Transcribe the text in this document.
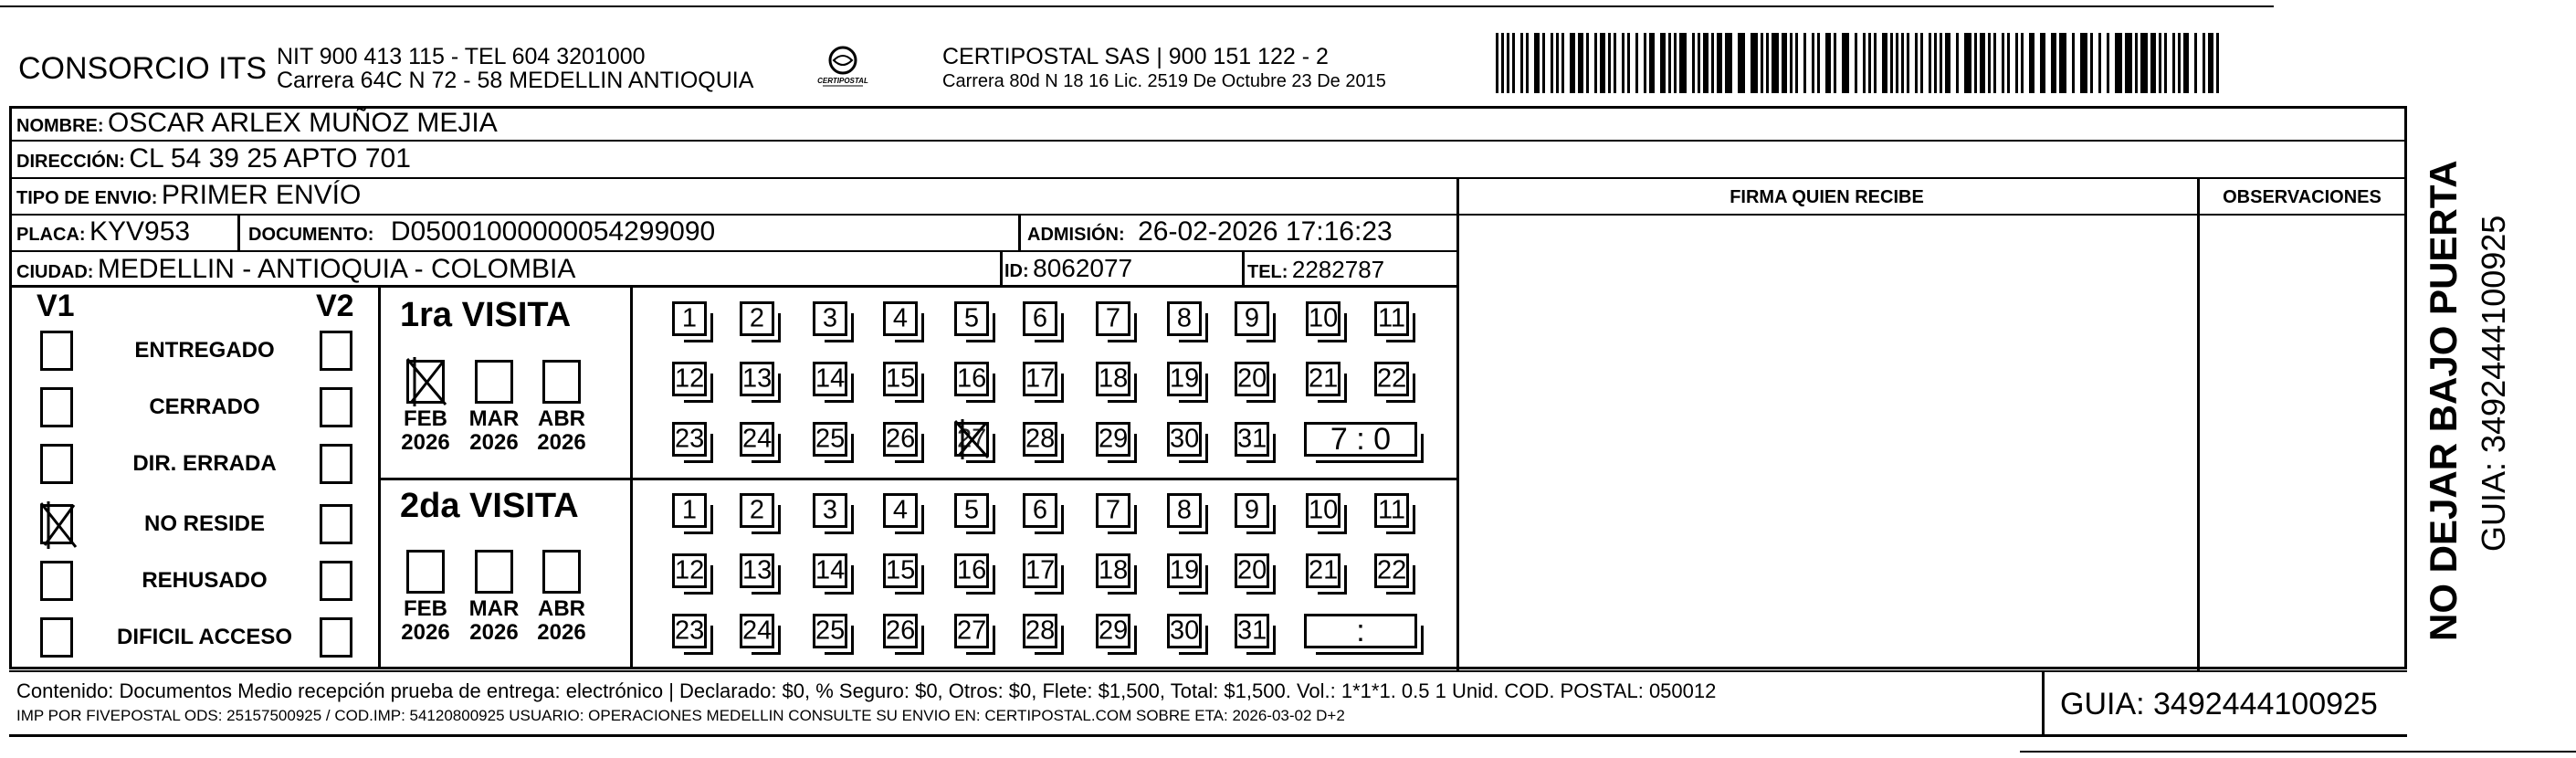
CONSORCIO ITS NIT 900 413 115 - TEL 604 3201000
Carrera 64C N 72 - 58 MEDELLIN ANTIOQUIA	CERTIPOSTAL
CERTIPOSTAL SAS | 900 151 122 - 2
Carrera 80d N 18 16 Lic. 2519 De Octubre 23 De 2015
FIRMA QUIEN RECIBE	OBSERVACIONES
NOMBRE: OSCAR ARLEX MUÑOZ MEJIA
DIRECCIÓN: CL 54 39 25 APTO 701
TIPO DE ENVIO: PRIMER ENVÍO
PLACA: KYV953	DOCUMENTO: D05001000000054299090	ADMISIÓN: 26-02-2026 17:16:23
CIUDAD: MEDELLIN - ANTIOQUIA - COLOMBIA	ID: 8062077	TEL: 2282787
V1	V2
ENTREGADO
CERRADO
DIR. ERRADA
NO RESIDE
REHUSADO
DIFICIL ACCESO
1ra VISITA
2da VISITA
FEB
2026
MAR
2026
ABR
2026
FEB
2026
MAR
2026
ABR
2026
1 2 3 4 5 6 7 8 9 10 11
12 13 14 15 16 17 18 19 20 21 22
23 24 25 26 27 28 29 30 31	7 : 0
1 2 3 4 5 6 7 8 9 10 11
12 13 14 15 16 17 18 19 20 21 22
23 24 25 26 27 28 29 30 31	:
Contenido: Documentos Medio recepción prueba de entrega: electrónico | Declarado: $0, % Seguro: $0, Otros: $0, Flete: $1,500, Total: $1,500. Vol.: 1*1*1. 0.5 1 Unid. COD. POSTAL: 050012
IMP POR FIVEPOSTAL ODS: 25157500925 / COD.IMP: 54120800925 USUARIO: OPERACIONES MEDELLIN CONSULTE SU ENVIO EN: CERTIPOSTAL.COM SOBRE ETA: 2026-03-02 D+2	GUIA: 3492444100925
NO DEJAR BAJO PUERTA GUIA: 3492444100925
